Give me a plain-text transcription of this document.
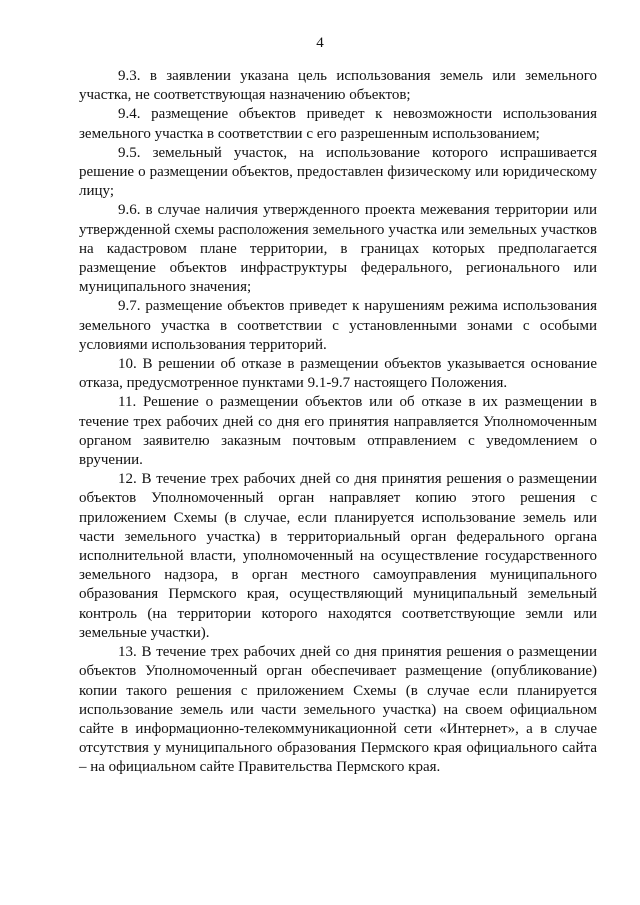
4

9.3. в заявлении указана цель использования земель или земельного участка, не соответствующая назначению объектов;

9.4. размещение объектов приведет к невозможности использования земельного участка в соответствии с его разрешенным использованием;

9.5. земельный участок, на использование которого испрашивается решение о размещении объектов, предоставлен физическому или юридическому лицу;

9.6. в случае наличия утвержденного проекта межевания территории или утвержденной схемы расположения земельного участка или земельных участков на кадастровом плане территории, в границах которых предполагается размещение объектов инфраструктуры федерального, регионального или муниципального значения;

9.7. размещение объектов приведет к нарушениям режима использования земельного участка в соответствии с установленными зонами с особыми условиями использования территорий.

10. В решении об отказе в размещении объектов указывается основание отказа, предусмотренное пунктами 9.1-9.7 настоящего Положения.

11. Решение о размещении объектов или об отказе в их размещении в течение трех рабочих дней со дня его принятия направляется Уполномоченным органом заявителю заказным почтовым отправлением с уведомлением о вручении.

12. В течение трех рабочих дней со дня принятия решения о размещении объектов Уполномоченный орган направляет копию этого решения с приложением Схемы (в случае, если планируется использование земель или части земельного участка) в территориальный орган федерального органа исполнительной власти, уполномоченный на осуществление государственного земельного надзора, в орган местного самоуправления муниципального образования Пермского края, осуществляющий муниципальный земельный контроль (на территории которого находятся соответствующие земли или земельные участки).

13. В течение трех рабочих дней со дня принятия решения о размещении объектов Уполномоченный орган обеспечивает размещение (опубликование) копии такого решения с приложением Схемы (в случае если планируется использование земель или части земельного участка) на своем официальном сайте в информационно-телекоммуникационной сети «Интернет», а в случае отсутствия у муниципального образования Пермского края официального сайта – на официальном сайте Правительства Пермского края.
